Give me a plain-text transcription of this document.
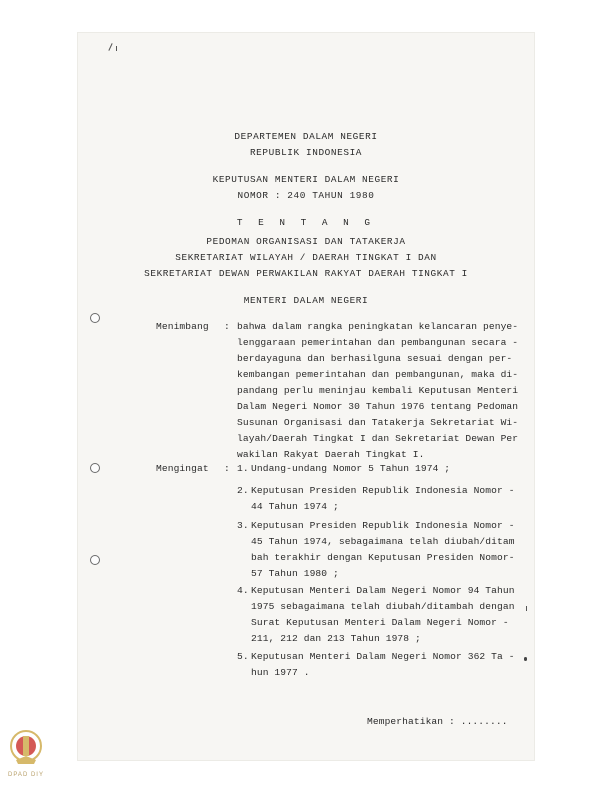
DEPARTEMEN DALAM NEGERI
REPUBLIK INDONESIA
KEPUTUSAN MENTERI DALAM NEGERI
NOMOR : 240 TAHUN 1980
T E N T A N G
PEDOMAN ORGANISASI DAN TATAKERJA
SEKRETARIAT WILAYAH / DAERAH TINGKAT I DAN
SEKRETARIAT DEWAN PERWAKILAN RAKYAT DAERAH TINGKAT I
MENTERI DALAM NEGERI
Menimbang : bahwa dalam rangka peningkatan kelancaran penye-
lenggaraan pemerintahan dan pembangunan secara -
berdayaguna dan berhasilguna sesuai dengan per-
kembangan pemerintahan dan pembangunan, maka di-
pandang perlu meninjau kembali Keputusan Menteri
Dalam Negeri Nomor 30 Tahun 1976 tentang Pedoman
Susunan Organisasi dan Tatakerja Sekretariat Wi-
layah/Daerah Tingkat I dan Sekretariat Dewan Per
wakilan Rakyat Daerah Tingkat I.
Mengingat : 1. Undang-undang Nomor 5 Tahun 1974 ;
2. Keputusan Presiden Republik Indonesia Nomor -
44 Tahun 1974 ;
3. Keputusan Presiden Republik Indonesia Nomor -
45 Tahun 1974, sebagaimana telah diubah/ditam
bah terakhir dengan Keputusan Presiden Nomor-
57 Tahun 1980 ;
4. Keputusan Menteri Dalam Negeri Nomor 94 Tahun
1975 sebagaimana telah diubah/ditambah dengan
Surat Keputusan Menteri Dalam Negeri Nomor -
211, 212 dan 213 Tahun 1978 ;
5. Keputusan Menteri Dalam Negeri Nomor 362 Ta -
hun 1977 .
Memperhatikan : ........
DPAD DIY
